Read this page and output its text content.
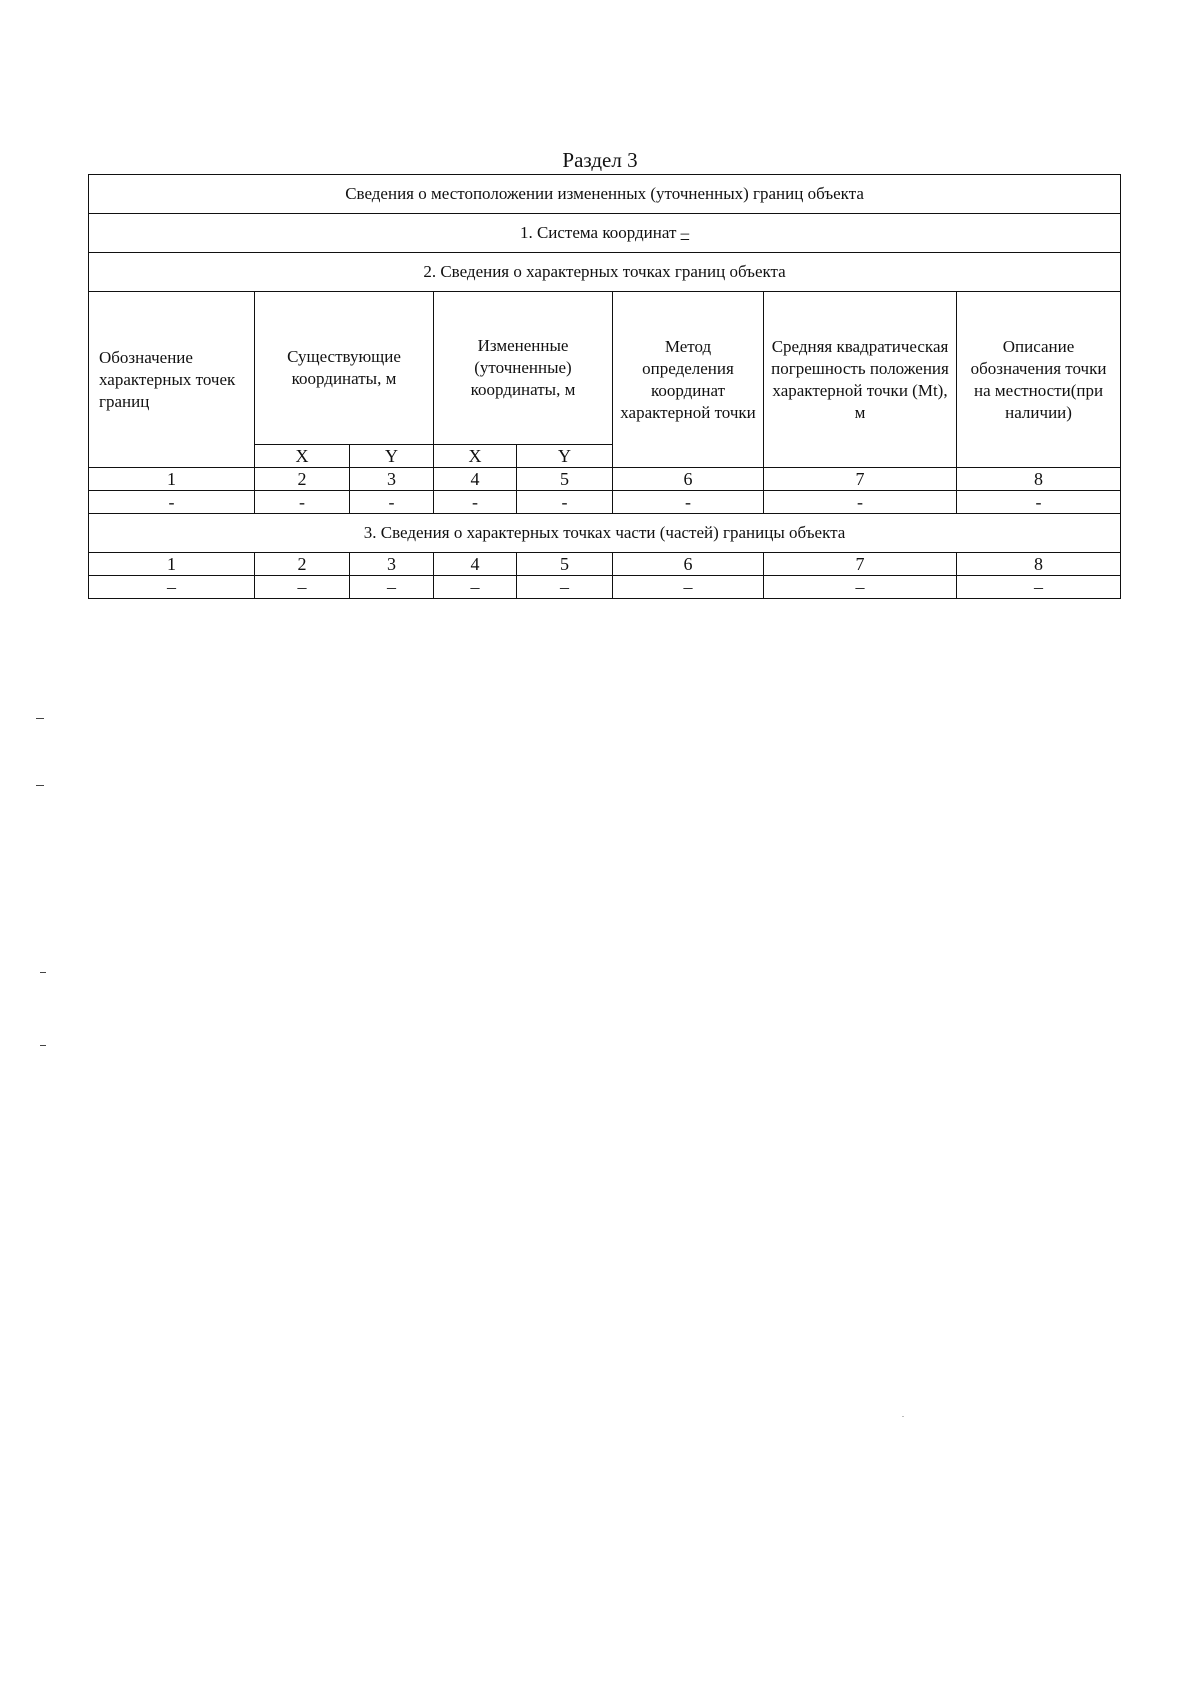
Раздел 3
Сведения о местоположении измененных (уточненных) границ объекта							
1. Система координат –							
2. Сведения о характерных точках границ объекта							
Обозначение характерных точек границ	Существующие координаты, м		Измененные (уточненные) координаты, м		Метод определения координат характерной точки	Средняя квадратическая погрешность положения характерной точки (Mt), м	Описание обозначения точки на местности(при наличии)
	X	Y	X	Y			
1	2	3	4	5	6	7	8
-	-	-	-	-	-	-	-
3. Сведения о характерных точках части (частей) границы объекта							
1	2	3	4	5	6	7	8
–	–	–	–	–	–	–	–
